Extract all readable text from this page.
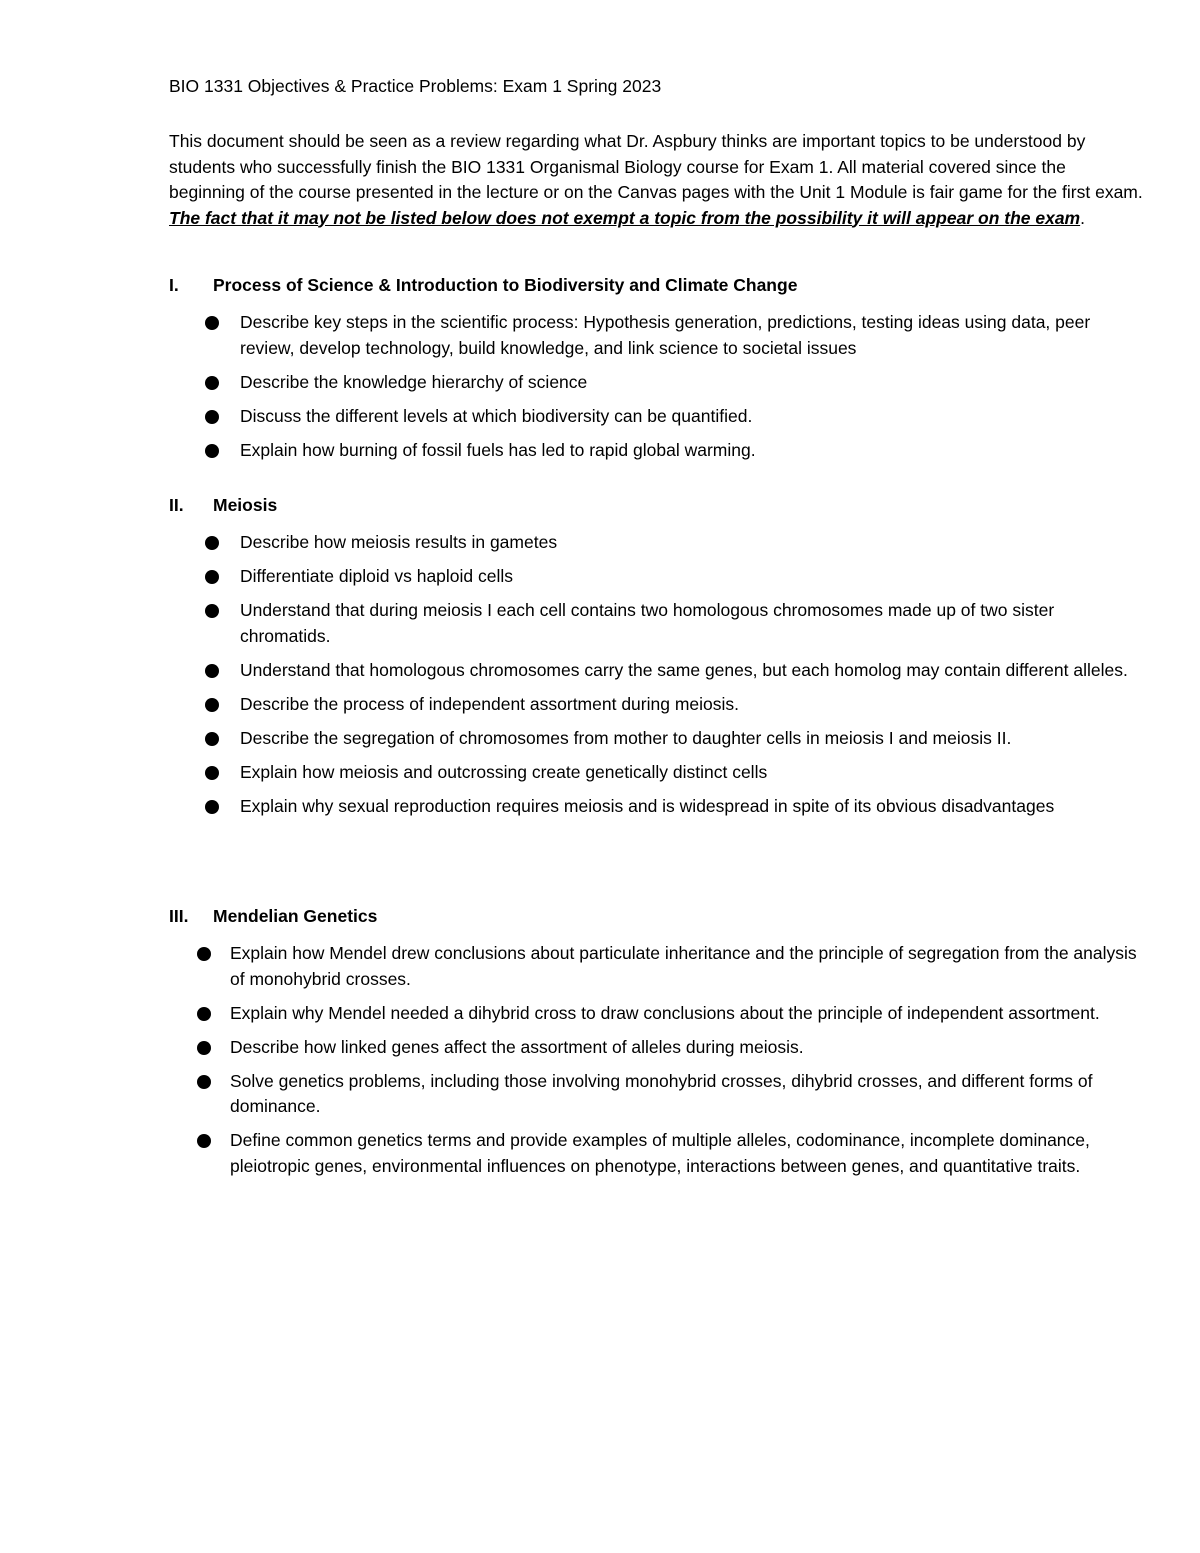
BIO 1331 Objectives & Practice Problems: Exam 1 Spring 2023

This document should be seen as a review regarding what Dr. Aspbury thinks are important topics to be understood by students who successfully finish the BIO 1331 Organismal Biology course for Exam 1. All material covered since the beginning of the course presented in the lecture or on the Canvas pages with the Unit 1 Module is fair game for the first exam. The fact that it may not be listed below does not exempt a topic from the possibility it will appear on the exam.

I. Process of Science & Introduction to Biodiversity and Climate Change
Describe key steps in the scientific process: Hypothesis generation, predictions, testing ideas using data, peer review, develop technology, build knowledge, and link science to societal issues
Describe the knowledge hierarchy of science
Discuss the different levels at which biodiversity can be quantified.
Explain how burning of fossil fuels has led to rapid global warming.
II. Meiosis
Describe how meiosis results in gametes
Differentiate diploid vs haploid cells
Understand that during meiosis I each cell contains two homologous chromosomes made up of two sister chromatids.
Understand that homologous chromosomes carry the same genes, but each homolog may contain different alleles.
Describe the process of independent assortment during meiosis.
Describe the segregation of chromosomes from mother to daughter cells in meiosis I and meiosis II.
Explain how meiosis and outcrossing create genetically distinct cells
Explain why sexual reproduction requires meiosis and is widespread in spite of its obvious disadvantages
III. Mendelian Genetics
Explain how Mendel drew conclusions about particulate inheritance and the principle of segregation from the analysis of monohybrid crosses.
Explain why Mendel needed a dihybrid cross to draw conclusions about the principle of independent assortment.
Describe how linked genes affect the assortment of alleles during meiosis.
Solve genetics problems, including those involving monohybrid crosses, dihybrid crosses, and different forms of dominance.
Define common genetics terms and provide examples of multiple alleles, codominance, incomplete dominance, pleiotropic genes, environmental influences on phenotype, interactions between genes, and quantitative traits.
